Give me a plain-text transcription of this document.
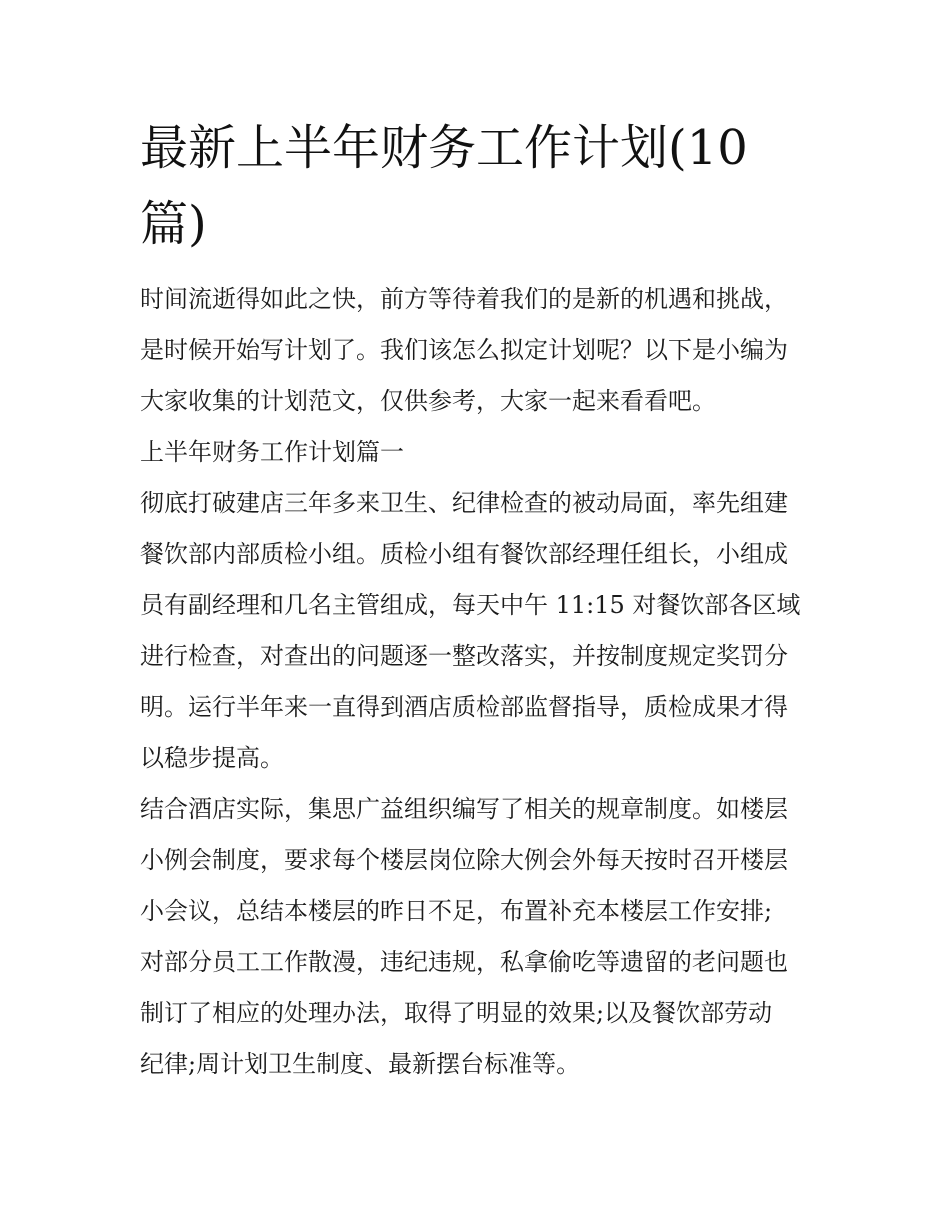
最新上半年财务工作计划(10
篇)
时间流逝得如此之快，前方等待着我们的是新的机遇和挑战，
是时候开始写计划了。我们该怎么拟定计划呢？以下是小编为
大家收集的计划范文，仅供参考，大家一起来看看吧。
上半年财务工作计划篇一
彻底打破建店三年多来卫生、纪律检查的被动局面，率先组建
餐饮部内部质检小组。质检小组有餐饮部经理任组长，小组成
员有副经理和几名主管组成，每天中午 11:15 对餐饮部各区域
进行检查，对查出的问题逐一整改落实，并按制度规定奖罚分
明。运行半年来一直得到酒店质检部监督指导，质检成果才得
以稳步提高。
结合酒店实际，集思广益组织编写了相关的规章制度。如楼层
小例会制度，要求每个楼层岗位除大例会外每天按时召开楼层
小会议，总结本楼层的昨日不足，布置补充本楼层工作安排;
对部分员工工作散漫，违纪违规，私拿偷吃等遗留的老问题也
制订了相应的处理办法，取得了明显的效果;以及餐饮部劳动
纪律;周计划卫生制度、最新摆台标准等。
